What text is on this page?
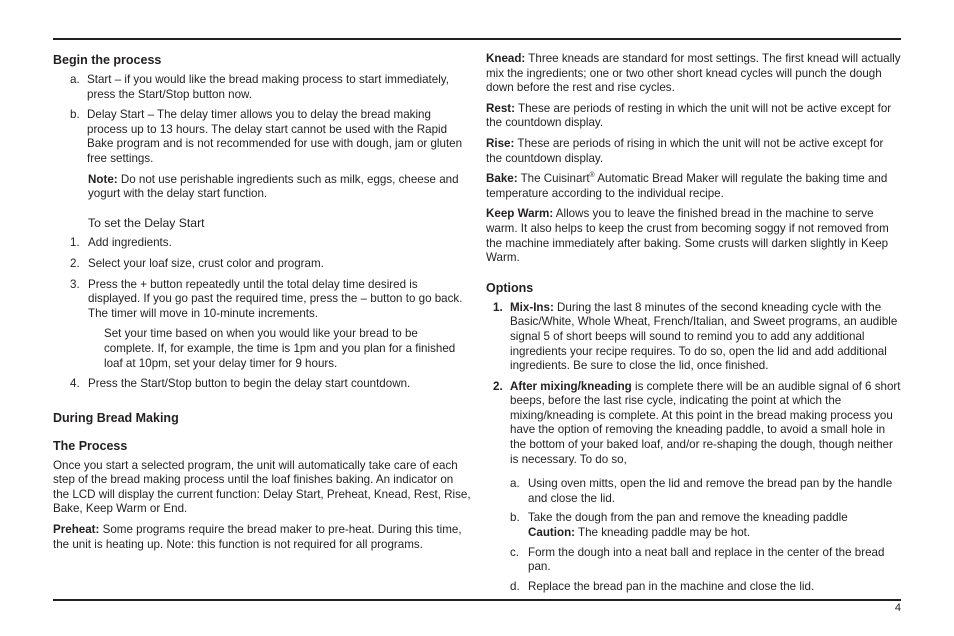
Begin the process
a. Start – if you would like the bread making process to start immediately, press the Start/Stop button now.
b. Delay Start – The delay timer allows you to delay the bread making process up to 13 hours. The delay start cannot be used with the Rapid Bake program and is not recommended for use with dough, jam or gluten free settings.

Note: Do not use perishable ingredients such as milk, eggs, cheese and yogurt with the delay start function.

To set the Delay Start

1. Add ingredients.
2. Select your loaf size, crust color and program.
3. Press the + button repeatedly until the total delay time desired is displayed. If you go past the required time, press the – button to go back. The timer will move in 10-minute increments.

Set your time based on when you would like your bread to be complete. If, for example, the time is 1pm and you plan for a finished loaf at 10pm, set your delay timer for 9 hours.

4. Press the Start/Stop button to begin the delay start countdown.
During Bread Making
The Process

Once you start a selected program, the unit will automatically take care of each step of the bread making process until the loaf finishes baking. An indicator on the LCD will display the current function: Delay Start, Preheat, Knead, Rest, Rise, Bake, Keep Warm or End.

Preheat: Some programs require the bread maker to pre-heat. During this time, the unit is heating up. Note: this function is not required for all programs.

Knead: Three kneads are standard for most settings. The first knead will actually mix the ingredients; one or two other short knead cycles will punch the dough down before the rest and rise cycles.

Rest: These are periods of resting in which the unit will not be active except for the countdown display.

Rise: These are periods of rising in which the unit will not be active except for the countdown display.

Bake: The Cuisinart® Automatic Bread Maker will regulate the baking time and temperature according to the individual recipe.

Keep Warm: Allows you to leave the finished bread in the machine to serve warm. It also helps to keep the crust from becoming soggy if not removed from the machine immediately after baking. Some crusts will darken slightly in Keep Warm.

Options
1. Mix-Ins: During the last 8 minutes of the second kneading cycle with the Basic/White, Whole Wheat, French/Italian, and Sweet programs, an audible signal 5 of short beeps will sound to remind you to add any additional ingredients your recipe requires. To do so, open the lid and add additional ingredients. Be sure to close the lid, once finished.
2. After mixing/kneading is complete there will be an audible signal of 6 short beeps, before the last rise cycle, indicating the point at which the mixing/kneading is complete. At this point in the bread making process you have the option of removing the kneading paddle, to avoid a small hole in the bottom of your baked loaf, and/or re-shaping the dough, though neither is necessary. To do so,
a. Using oven mitts, open the lid and remove the bread pan by the handle and close the lid.
b. Take the dough from the pan and remove the kneading paddle
Caution: The kneading paddle may be hot.
c. Form the dough into a neat ball and replace in the center of the bread pan.
d. Replace the bread pan in the machine and close the lid.
4
